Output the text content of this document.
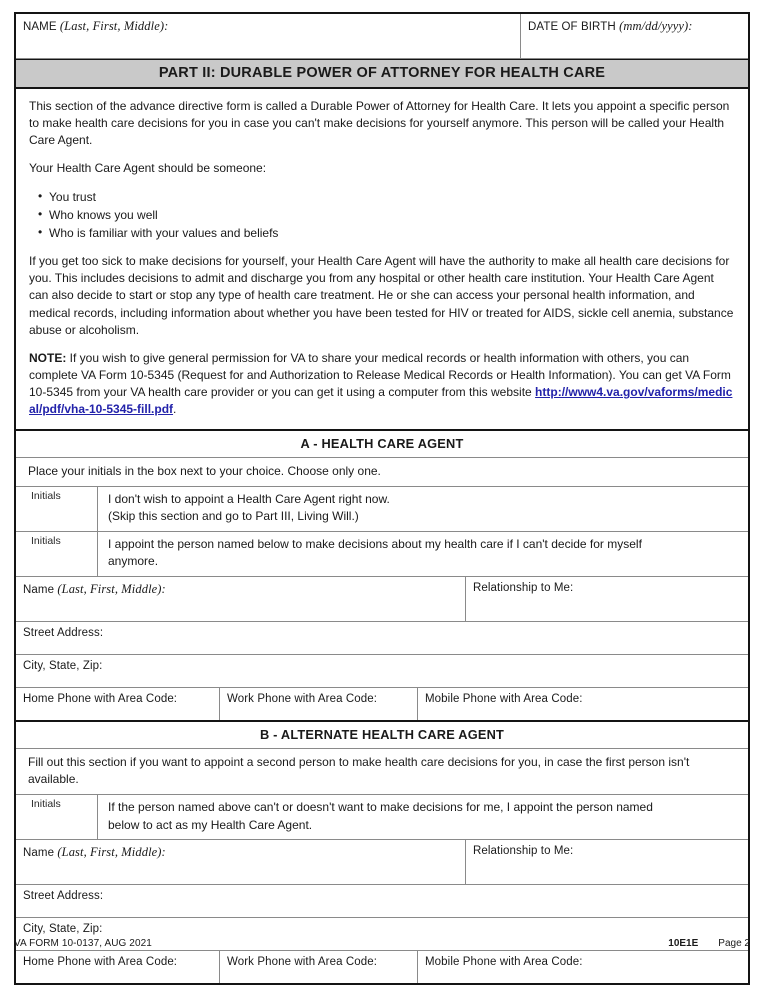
NAME (Last, First, Middle):	DATE OF BIRTH (mm/dd/yyyy):
PART II: DURABLE POWER OF ATTORNEY FOR HEALTH CARE

This section of the advance directive form is called a Durable Power of Attorney for Health Care. It lets you appoint a specific person to make health care decisions for you in case you can't make decisions for yourself anymore. This person will be called your Health Care Agent.

Your Health Care Agent should be someone:

• You trust
• Who knows you well
• Who is familiar with your values and beliefs

If you get too sick to make decisions for yourself, your Health Care Agent will have the authority to make all health care decisions for you. This includes decisions to admit and discharge you from any hospital or other health care institution. Your Health Care Agent can also decide to start or stop any type of health care treatment. He or she can access your personal health information, and medical records, including information about whether you have been tested for HIV or treated for AIDS, sickle cell anemia, substance abuse or alcoholism.

NOTE: If you wish to give general permission for VA to share your medical records or health information with others, you can complete VA Form 10-5345 (Request for and Authorization to Release Medical Records or Health Information). You can get VA Form 10-5345 from your VA health care provider or you can get it using a computer from this website http://www4.va.gov/vaforms/medical/pdf/vha-10-5345-fill.pdf.

A - HEALTH CARE AGENT
Place your initials in the box next to your choice. Choose only one.
Initials	I don't wish to appoint a Health Care Agent right now.
(Skip this section and go to Part III, Living Will.)
Initials	I appoint the person named below to make decisions about my health care if I can't decide for myself
anymore.
Name (Last, First, Middle):	Relationship to Me:
Street Address:
City, State, Zip:
Home Phone with Area Code:	Work Phone with Area Code:	Mobile Phone with Area Code:
B - ALTERNATE HEALTH CARE AGENT
Fill out this section if you want to appoint a second person to make health care decisions for you, in case the first person isn't available.
Initials	If the person named above can't or doesn't want to make decisions for me, I appoint the person named
below to act as my Health Care Agent.
Name (Last, First, Middle):	Relationship to Me:
Street Address:
City, State, Zip:
Home Phone with Area Code:	Work Phone with Area Code:	Mobile Phone with Area Code:
VA FORM 10-0137, AUG 2021	10E1E Page 2
